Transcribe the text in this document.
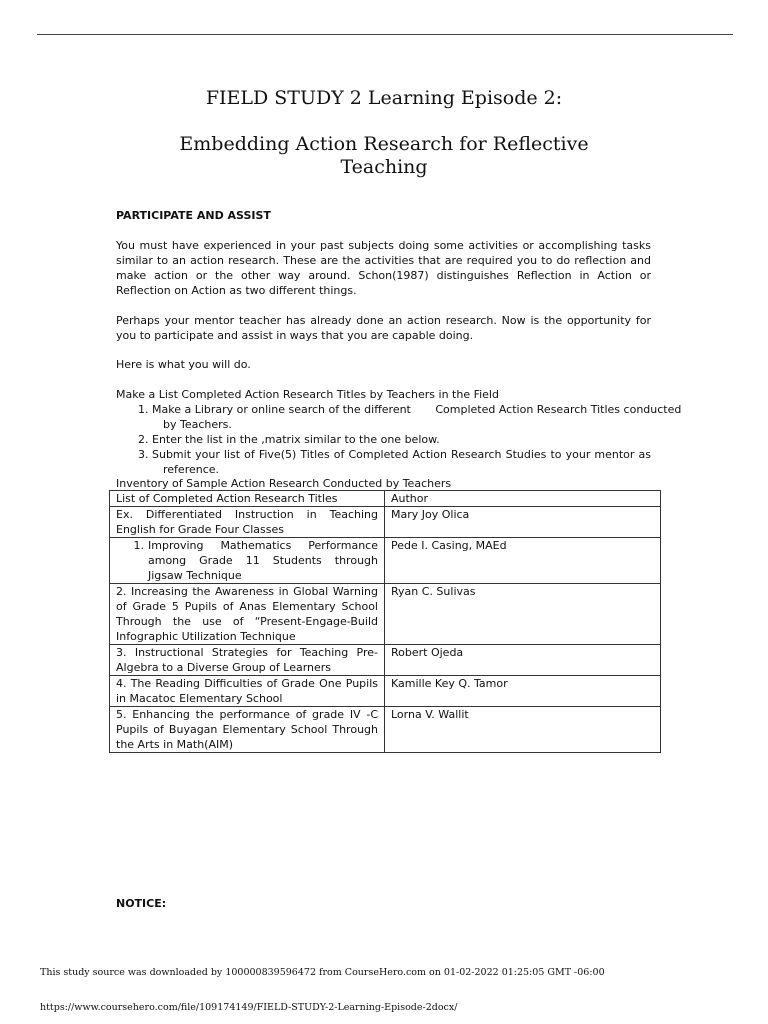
FIELD STUDY 2 Learning Episode 2:
Embedding Action Research for Reflective
Teaching
PARTICIPATE AND ASSIST
You must have experienced in your past subjects doing some activities or accomplishing tasks similar to an action research. These are the activities that are required you to do reflection and make action or the other way around. Schon(1987) distinguishes Reflection in Action or Reflection on Action as two different things.
Perhaps your mentor teacher has already done an action research. Now is the opportunity for you to participate and assist in ways that you are capable doing.
Here is what you will do.
Make a List Completed Action Research Titles by Teachers in the Field
1. Make a Library or online search of the different       Completed Action Research Titles conducted
by Teachers.
2. Enter the list in the ,matrix similar to the one below.
3. Submit your list of Five(5) Titles of Completed Action Research Studies to your mentor as
reference.
Inventory of Sample Action Research Conducted by Teachers
List of Completed Action Research Titles	Author
Ex. Differentiated Instruction in Teaching English for Grade Four Classes	Mary Joy Olica

1. Improving Mathematics Performance among Grade 11 Students through Jigsaw Technique	Pede I. Casing, MAEd
2. Increasing the Awareness in Global Warning of Grade 5 Pupils of Anas Elementary School Through the use of “Present-Engage-Build Infographic Utilization Technique	Ryan C. Sulivas
3. Instructional Strategies for Teaching Pre-Algebra to a Diverse Group of Learners	Robert Ojeda
4. The Reading Difficulties of Grade One Pupils in Macatoc Elementary School	Kamille Key Q. Tamor
5. Enhancing the performance of grade IV -C Pupils of Buyagan Elementary School Through the Arts in Math(AIM)	Lorna V. Wallit
NOTICE:
This study source was downloaded by 100000839596472 from CourseHero.com on 01-02-2022 01:25:05 GMT -06:00
https://www.coursehero.com/file/109174149/FIELD-STUDY-2-Learning-Episode-2docx/
